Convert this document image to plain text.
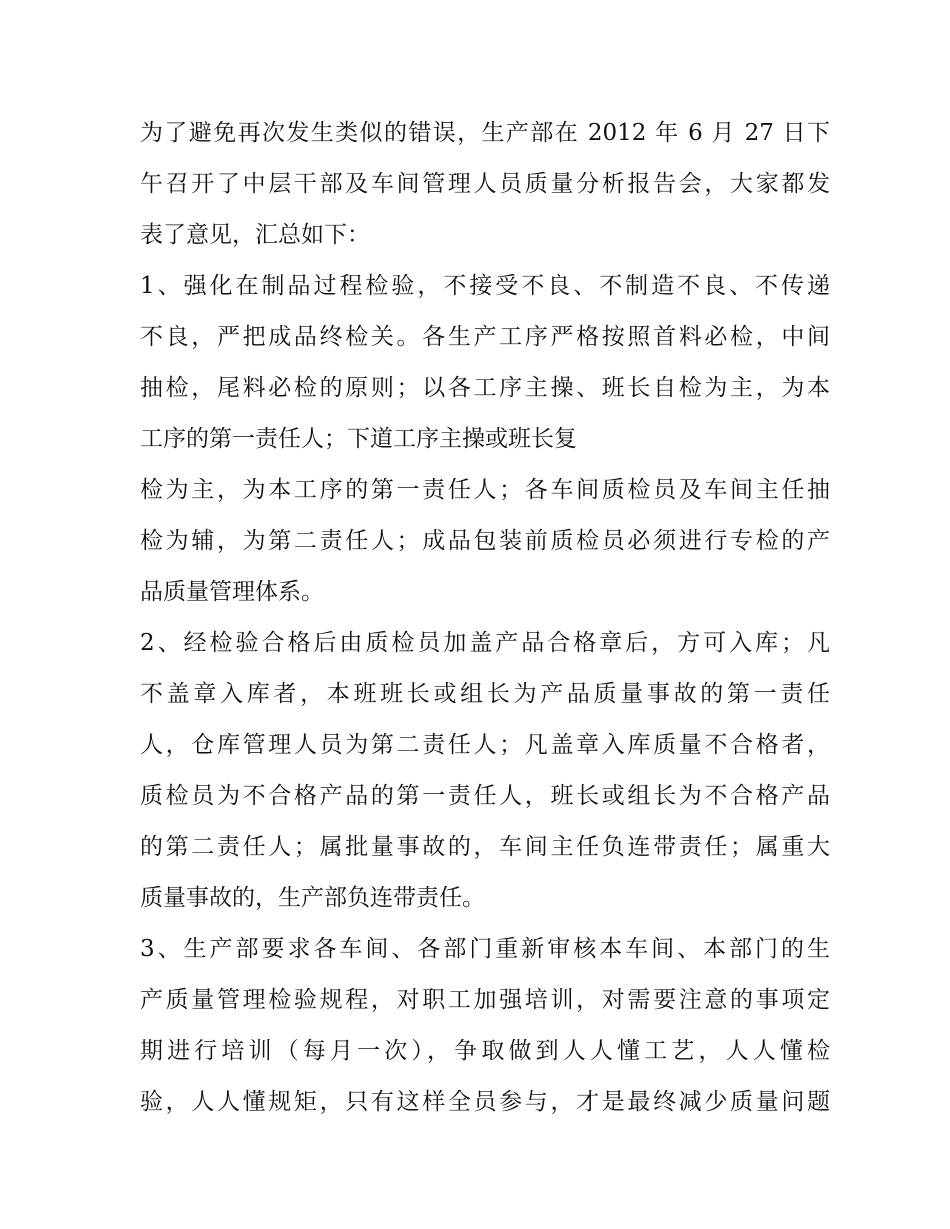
为了避免再次发生类似的错误，生产部在 2012 年 6 月 27 日下
午召开了中层干部及车间管理人员质量分析报告会，大家都发
表了意见，汇总如下：
1、强化在制品过程检验，不接受不良、不制造不良、不传递
不良，严把成品终检关。各生产工序严格按照首料必检，中间
抽检，尾料必检的原则；以各工序主操、班长自检为主，为本
工序的第一责任人；下道工序主操或班长复
检为主，为本工序的第一责任人；各车间质检员及车间主任抽
检为辅，为第二责任人；成品包装前质检员必须进行专检的产
品质量管理体系。
2、经检验合格后由质检员加盖产品合格章后，方可入库；凡
不盖章入库者，本班班长或组长为产品质量事故的第一责任
人，仓库管理人员为第二责任人；凡盖章入库质量不合格者，
质检员为不合格产品的第一责任人，班长或组长为不合格产品
的第二责任人；属批量事故的，车间主任负连带责任；属重大
质量事故的，生产部负连带责任。
3、生产部要求各车间、各部门重新审核本车间、本部门的生
产质量管理检验规程，对职工加强培训，对需要注意的事项定
期进行培训（每月一次），争取做到人人懂工艺，人人懂检
验，人人懂规矩，只有这样全员参与，才是最终减少质量问题
